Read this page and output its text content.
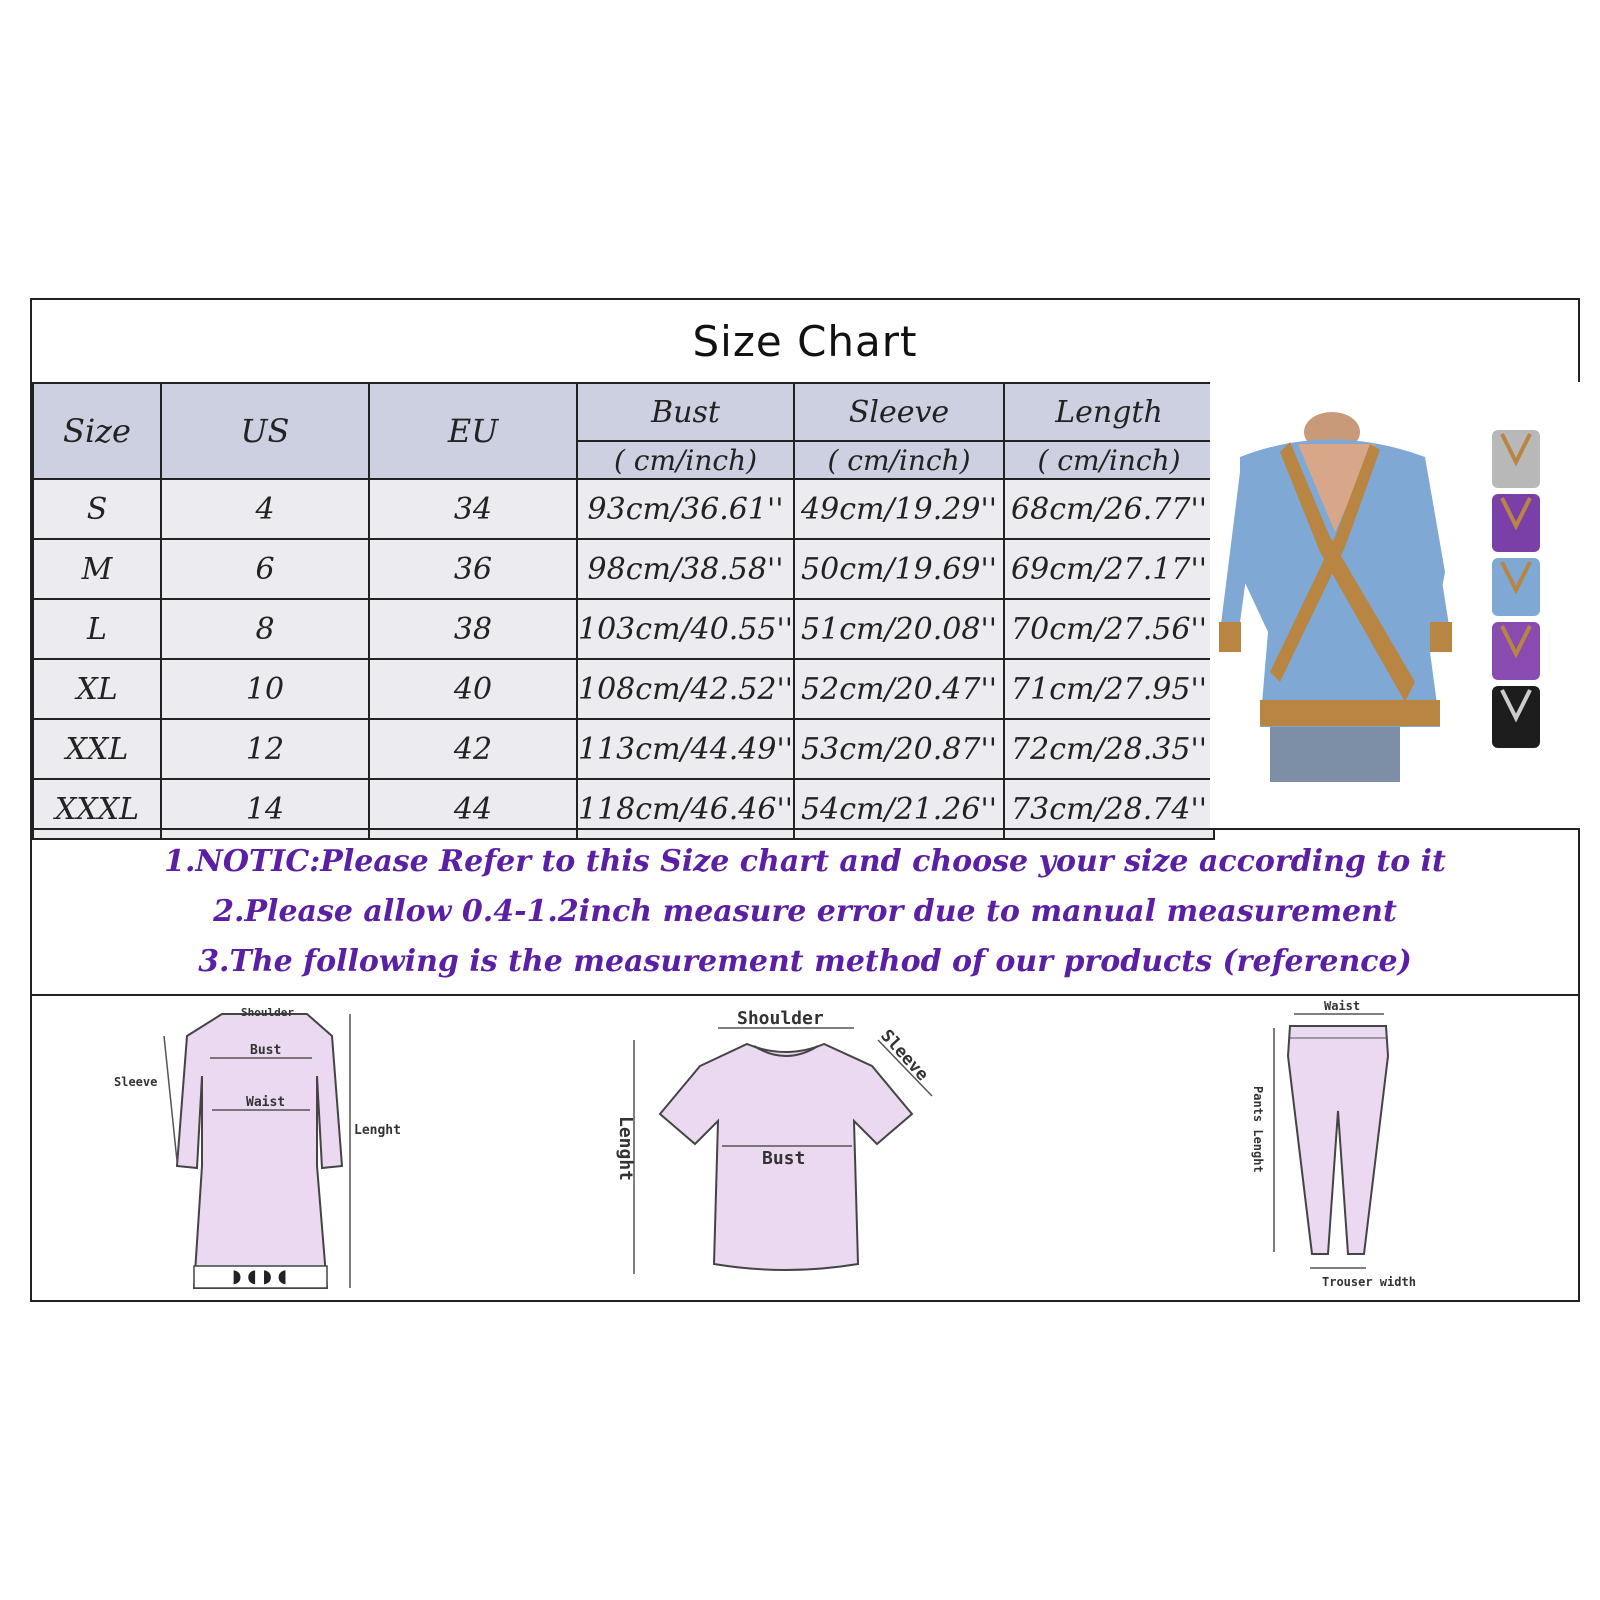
Size Chart
Size	US	EU	Bust	Sleeve	Length
			( cm/inch)	( cm/inch)	( cm/inch)
S	4	34	93cm/36.61''	49cm/19.29''	68cm/26.77''
M	6	36	98cm/38.58''	50cm/19.69''	69cm/27.17''
L	8	38	103cm/40.55''	51cm/20.08''	70cm/27.56''
XL	10	40	108cm/42.52''	52cm/20.47''	71cm/27.95''
XXL	12	42	113cm/44.49''	53cm/20.87''	72cm/28.35''
XXXL	14	44	118cm/46.46''	54cm/21.26''	73cm/28.74''
1.NOTIC:Please Refer to this Size chart and choose your size according to it
2.Please allow 0.4-1.2inch measure error due to manual measurement
3.The following is the measurement method of our products (reference)
◗ ◖ ◗ ◖
Shoulder
Bust
Waist
Sleeve
Lenght
Shoulder
Sleeve
Bust
Lenght
Waist
Pants Lenght
Trouser width
